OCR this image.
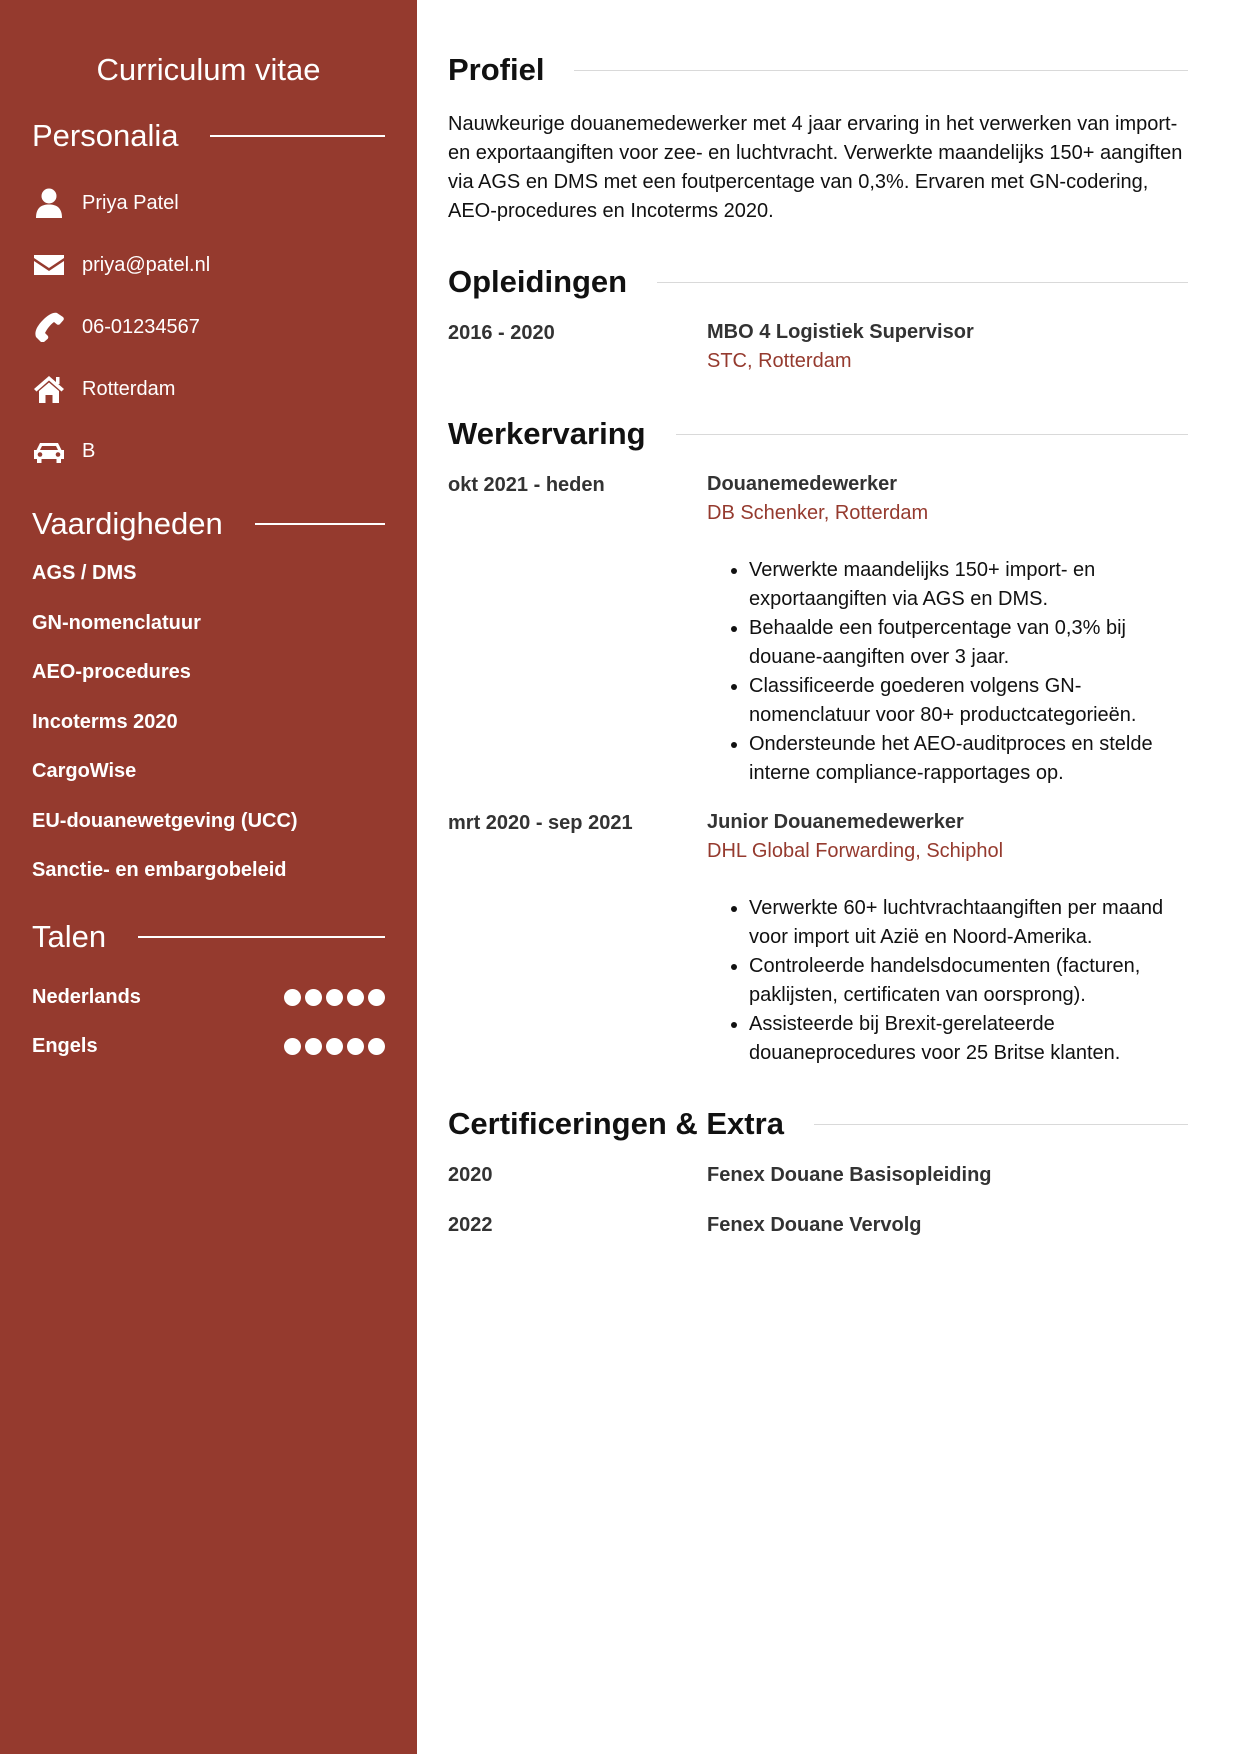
Curriculum vitae
Personalia
Priya Patel
priya@patel.nl
06-01234567
Rotterdam
B
Vaardigheden
AGS / DMS
GN-nomenclatuur
AEO-procedures
Incoterms 2020
CargoWise
EU-douanewetgeving (UCC)
Sanctie- en embargobeleid
Talen
Nederlands
Engels
Profiel

Nauwkeurige douanemedewerker met 4 jaar ervaring in het verwerken van import- en exportaangiften voor zee- en luchtvracht. Verwerkte maandelijks 150+ aangiften via AGS en DMS met een foutpercentage van 0,3%. Ervaren met GN-codering, AEO-procedures en Incoterms 2020.

Opleidingen
2016 - 2020	MBO 4 Logistiek Supervisor
STC, Rotterdam
Werkervaring
okt 2021 - heden	Douanemedewerker
DB Schenker, Rotterdam
• Verwerkte maandelijks 150+ import- en exportaangiften via AGS en DMS.
• Behaalde een foutpercentage van 0,3% bij douane-aangiften over 3 jaar.
• Classificeerde goederen volgens GN-nomenclatuur voor 80+ productcategorieën.
• Ondersteunde het AEO-auditproces en stelde interne compliance-rapportages op.
mrt 2020 - sep 2021	Junior Douanemedewerker
DHL Global Forwarding, Schiphol
• Verwerkte 60+ luchtvrachtaangiften per maand voor import uit Azië en Noord-Amerika.
• Controleerde handelsdocumenten (facturen, paklijsten, certificaten van oorsprong).
• Assisteerde bij Brexit-gerelateerde douaneprocedures voor 25 Britse klanten.
Certificeringen & Extra
2020	Fenex Douane Basisopleiding
2022	Fenex Douane Vervolg
